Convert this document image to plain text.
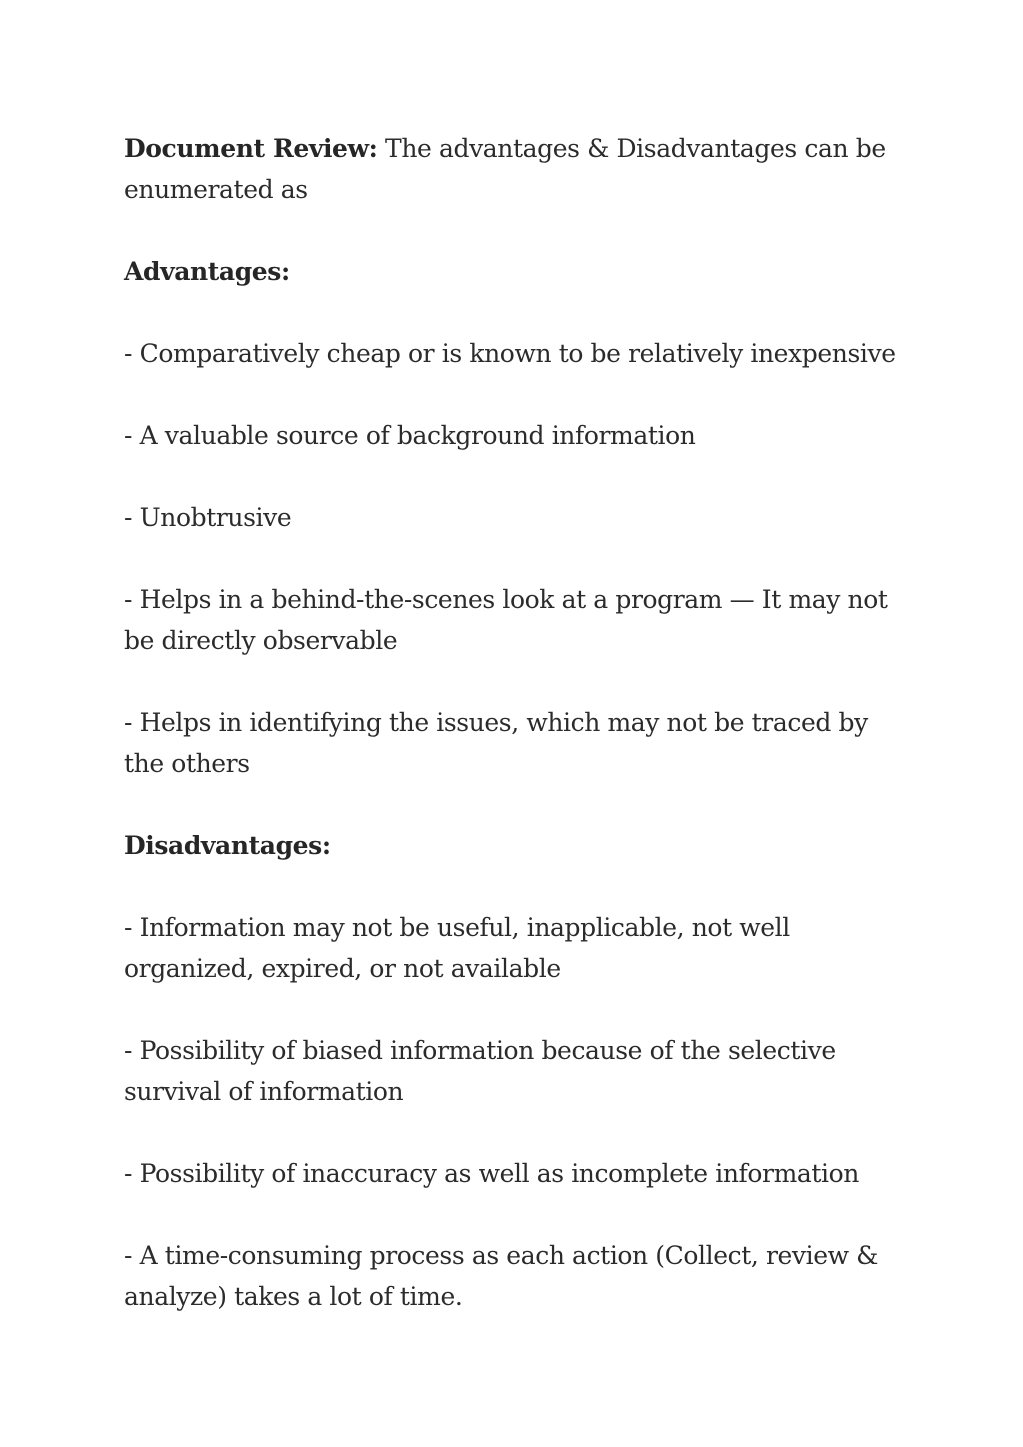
Document Review: The advantages & Disadvantages can be enumerated as

Advantages:

- Comparatively cheap or is known to be relatively inexpensive

- A valuable source of background information

- Unobtrusive

- Helps in a behind-the-scenes look at a program — It may not be directly observable

- Helps in identifying the issues, which may not be traced by the others

Disadvantages:

- Information may not be useful, inapplicable, not well organized, expired, or not available

- Possibility of biased information because of the selective survival of information

- Possibility of inaccuracy as well as incomplete information

- A time-consuming process as each action (Collect, review & analyze) takes a lot of time.
